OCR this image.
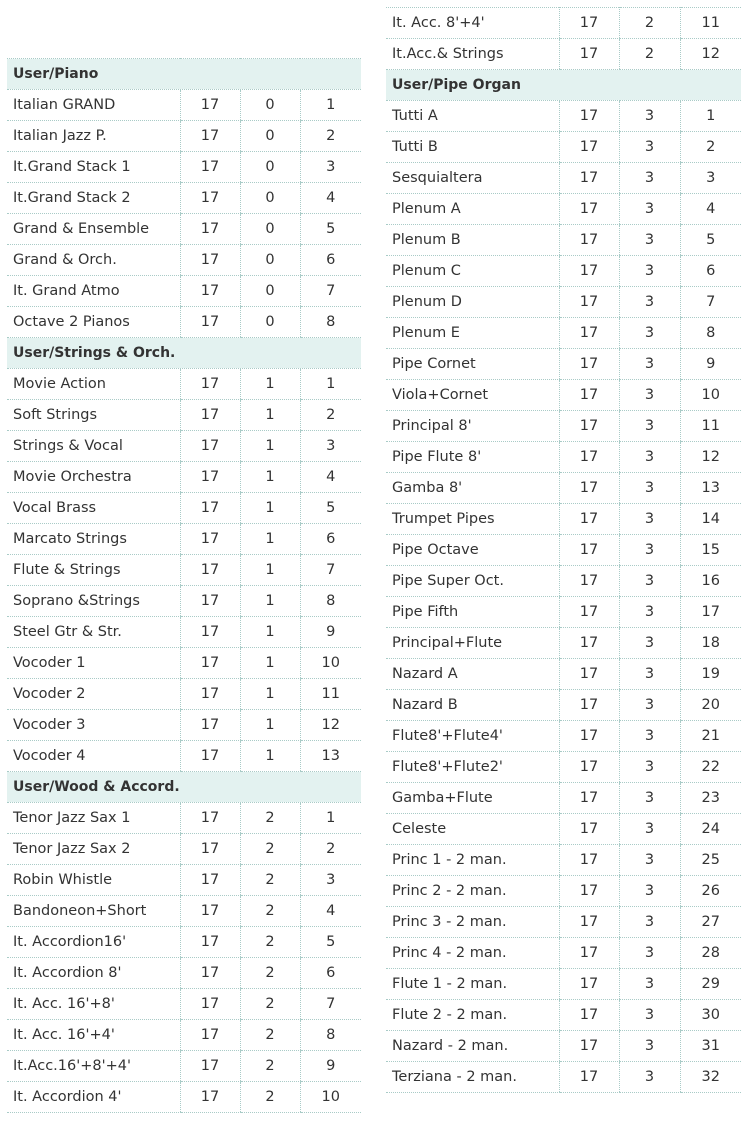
User/Piano			
Italian GRAND	17	0	1
Italian Jazz P.	17	0	2
It.Grand Stack 1	17	0	3
It.Grand Stack 2	17	0	4
Grand & Ensemble	17	0	5
Grand & Orch.	17	0	6
It. Grand Atmo	17	0	7
Octave 2 Pianos	17	0	8
User/Strings & Orch.			
Movie Action	17	1	1
Soft Strings	17	1	2
Strings & Vocal	17	1	3
Movie Orchestra	17	1	4
Vocal Brass	17	1	5
Marcato Strings	17	1	6
Flute & Strings	17	1	7
Soprano &Strings	17	1	8
Steel Gtr & Str.	17	1	9
Vocoder 1	17	1	10
Vocoder 2	17	1	11
Vocoder 3	17	1	12
Vocoder 4	17	1	13
User/Wood & Accord.			
Tenor Jazz Sax 1	17	2	1
Tenor Jazz Sax 2	17	2	2
Robin Whistle	17	2	3
Bandoneon+Short	17	2	4
It. Accordion16'	17	2	5
It. Accordion 8'	17	2	6
It. Acc. 16'+8'	17	2	7
It. Acc. 16'+4'	17	2	8
It.Acc.16'+8'+4'	17	2	9
It. Accordion 4'	17	2	10
It. Acc. 8'+4'	17	2	11
It.Acc.& Strings	17	2	12
User/Pipe Organ			
Tutti A	17	3	1
Tutti B	17	3	2
Sesquialtera	17	3	3
Plenum A	17	3	4
Plenum B	17	3	5
Plenum C	17	3	6
Plenum D	17	3	7
Plenum E	17	3	8
Pipe Cornet	17	3	9
Viola+Cornet	17	3	10
Principal 8'	17	3	11
Pipe Flute 8'	17	3	12
Gamba 8'	17	3	13
Trumpet Pipes	17	3	14
Pipe Octave	17	3	15
Pipe Super Oct.	17	3	16
Pipe Fifth	17	3	17
Principal+Flute	17	3	18
Nazard A	17	3	19
Nazard B	17	3	20
Flute8'+Flute4'	17	3	21
Flute8'+Flute2'	17	3	22
Gamba+Flute	17	3	23
Celeste	17	3	24
Princ 1 - 2 man.	17	3	25
Princ 2 - 2 man.	17	3	26
Princ 3 - 2 man.	17	3	27
Princ 4 - 2 man.	17	3	28
Flute 1 - 2 man.	17	3	29
Flute 2 - 2 man.	17	3	30
Nazard - 2 man.	17	3	31
Terziana - 2 man.	17	3	32
